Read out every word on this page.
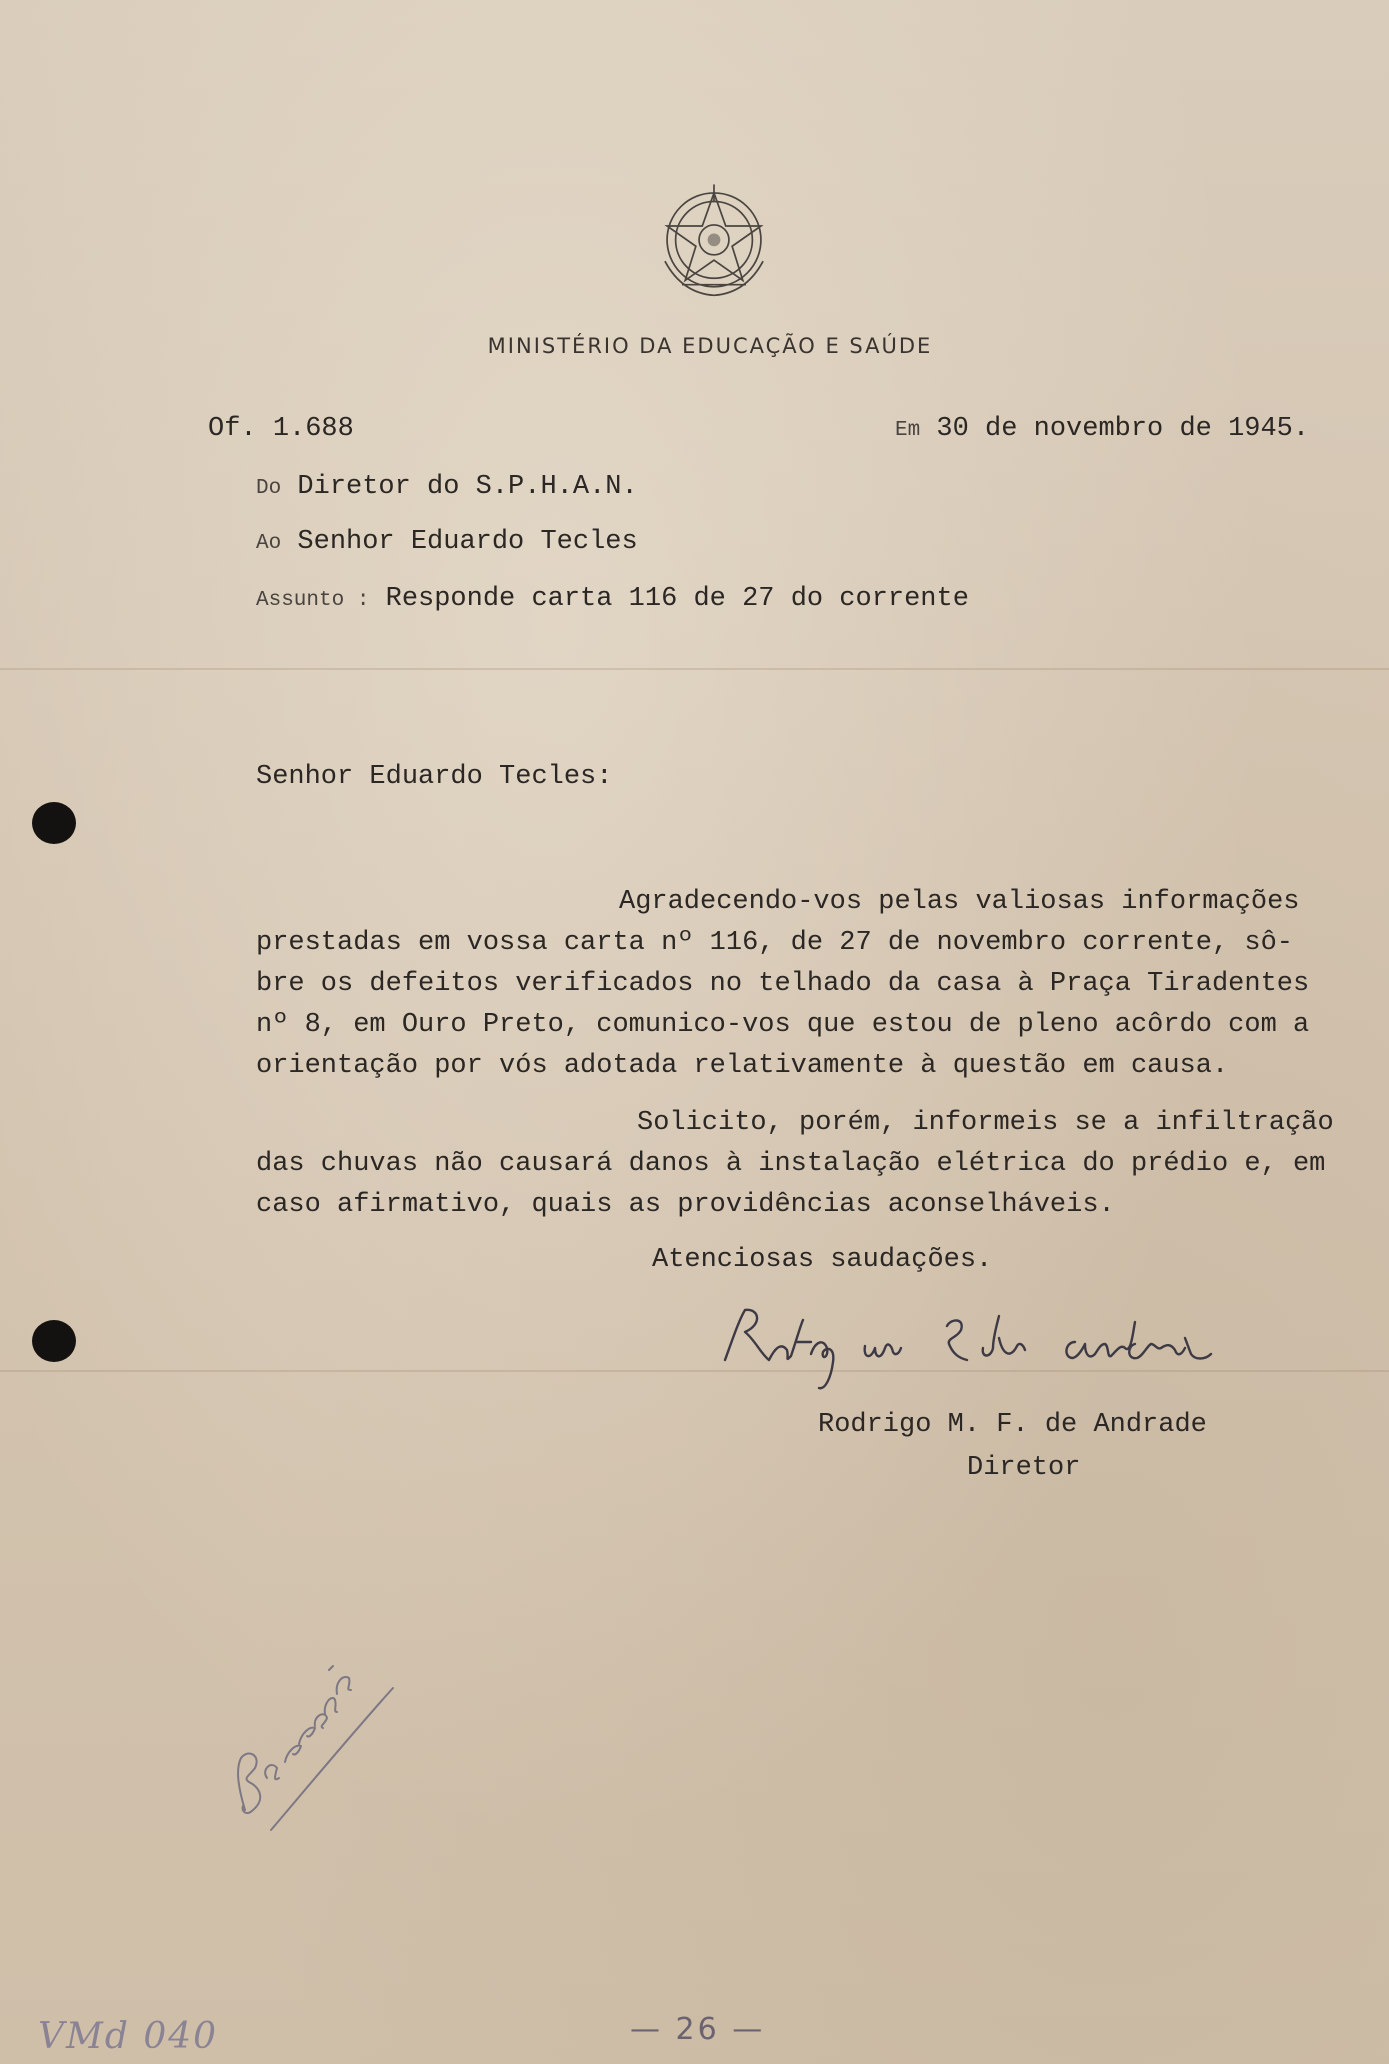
MINISTÉRIO DA EDUCAÇÃO E SAÚDE
Of. 1.688	Em 30 de novembro de 1945.
Do Diretor do S.P.H.A.N.
Ao Senhor Eduardo Tecles
Assunto : Responde carta 116 de 27 do corrente
Senhor Eduardo Tecles:
Agradecendo-vos pelas valiosas informações
prestadas em vossa carta nº 116, de 27 de novembro corrente, sô-
bre os defeitos verificados no telhado da casa à Praça Tiradentes
nº 8, em Ouro Preto, comunico-vos que estou de pleno acôrdo com a
orientação por vós adotada relativamente à questão em causa.
Solicito, porém, informeis se a infiltração
das chuvas não causará danos à instalação elétrica do prédio e, em
caso afirmativo, quais as providências aconselháveis.
Atenciosas saudações.
Rodrigo M. F. de Andrade
Diretor
— 26 —
VMd 040
